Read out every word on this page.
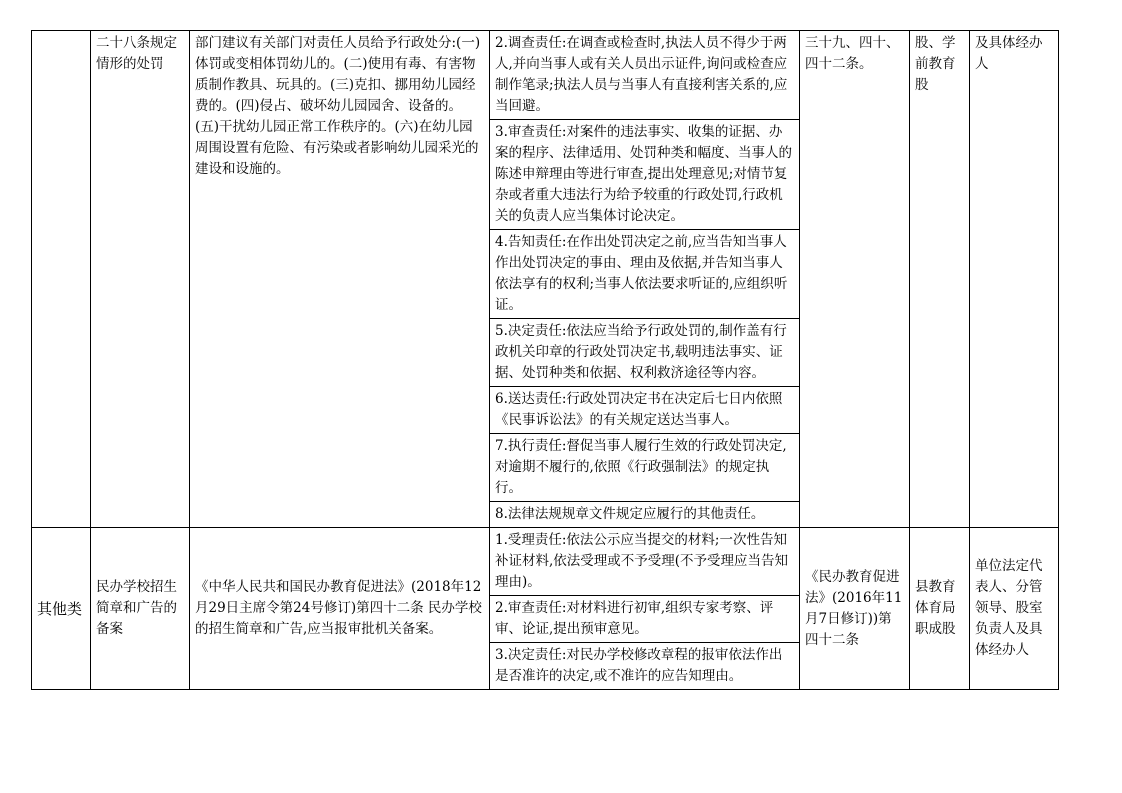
	二十八条规定情形的处罚	部门建议有关部门对责任人员给予行政处分:(一)体罚或变相体罚幼儿的。(二)使用有毒、有害物质制作教具、玩具的。(三)克扣、挪用幼儿园经费的。(四)侵占、破坏幼儿园园舍、设备的。(五)干扰幼儿园正常工作秩序的。(六)在幼儿园周围设置有危险、有污染或者影响幼儿园采光的建设和设施的。	2.调查责任:在调查或检查时,执法人员不得少于两人,并向当事人或有关人员出示证件,询问或检查应制作笔录;执法人员与当事人有直接利害关系的,应当回避。	三十九、四十、四十二条。	股、学前教育股	及具体经办人
			3.审查责任:对案件的违法事实、收集的证据、办案的程序、法律适用、处罚种类和幅度、当事人的陈述申辩理由等进行审查,提出处理意见;对情节复杂或者重大违法行为给予较重的行政处罚,行政机关的负责人应当集体讨论决定。			
			4.告知责任:在作出处罚决定之前,应当告知当事人作出处罚决定的事由、理由及依据,并告知当事人依法享有的权利;当事人依法要求听证的,应组织听证。			
			5.决定责任:依法应当给予行政处罚的,制作盖有行政机关印章的行政处罚决定书,载明违法事实、证据、处罚种类和依据、权利救济途径等内容。			
			6.送达责任:行政处罚决定书在决定后七日内依照《民事诉讼法》的有关规定送达当事人。			
			7.执行责任:督促当事人履行生效的行政处罚决定,对逾期不履行的,依照《行政强制法》的规定执行。			
			8.法律法规规章文件规定应履行的其他责任。			
其他类	民办学校招生简章和广告的备案	《中华人民共和国民办教育促进法》(2018年12月29日主席令第24号修订)第四十二条 民办学校的招生简章和广告,应当报审批机关备案。	1.受理责任:依法公示应当提交的材料;一次性告知补证材料,依法受理或不予受理(不予受理应当告知理由)。	《民办教育促进法》(2016年11月7日修订))第四十二条	县教育体育局职成股	单位法定代表人、分管领导、股室负责人及具体经办人
			2.审查责任:对材料进行初审,组织专家考察、评审、论证,提出预审意见。			
			3.决定责任:对民办学校修改章程的报审依法作出是否准许的决定,或不准许的应告知理由。			
